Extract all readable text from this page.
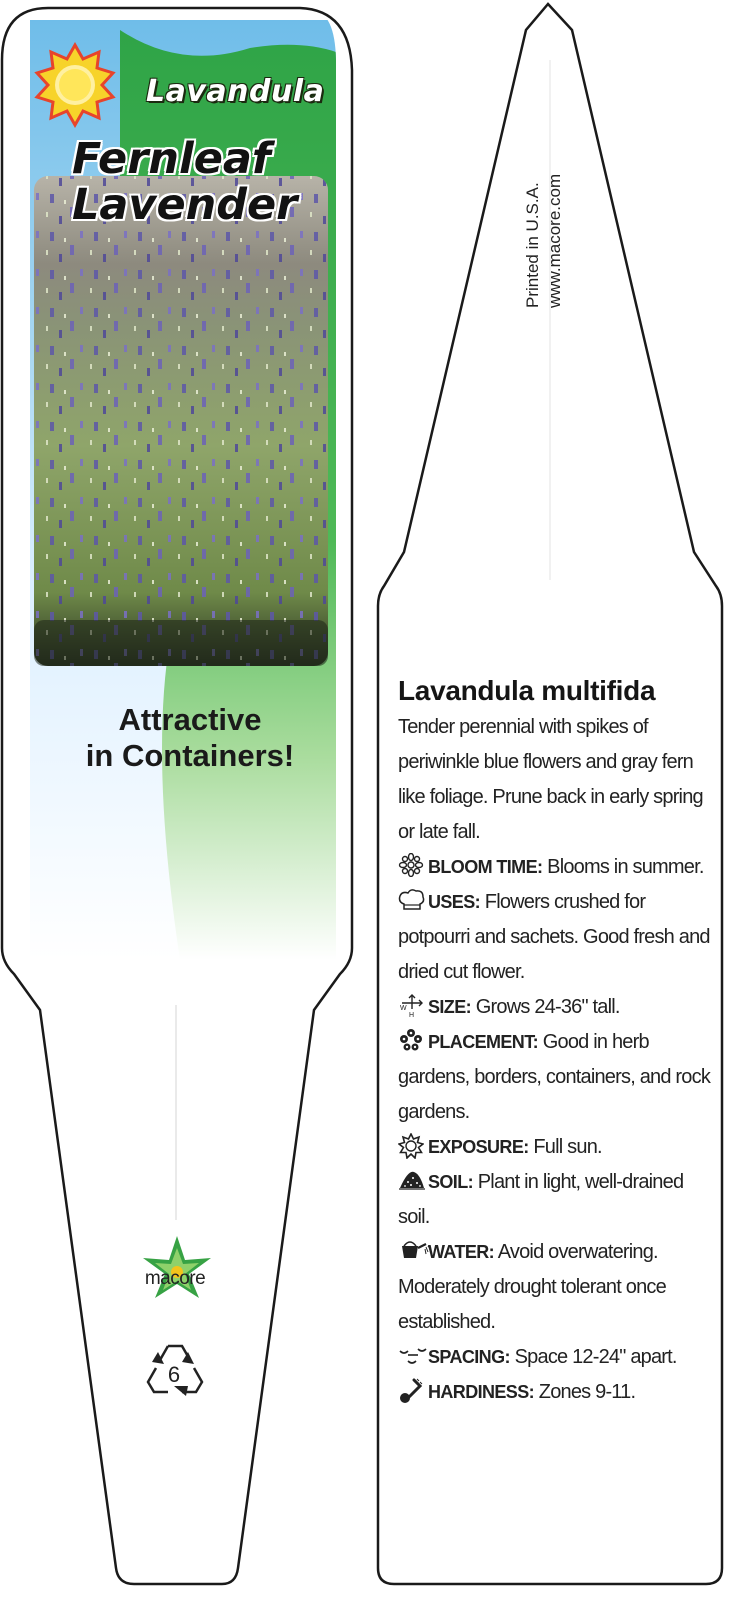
Lavandula
Fernleaf
Lavender
Attractive
in Containers!
macore
6
Printed in U.S.A. www.macore.com
Lavandula multifida

Tender perennial with spikes of periwinkle blue flowers and gray fern like foliage. Prune back in early spring or late fall.

BLOOM TIME: Blooms in summer.

USES: Flowers crushed for potpourri and sachets. Good fresh and dried cut flower.

W
H SIZE: Grows 24-36" tall.

PLACEMENT: Good in herb gardens, borders, containers, and rock gardens.

EXPOSURE: Full sun.

SOIL: Plant in light, well-drained soil.

WATER: Avoid overwatering. Moderately drought tolerant once established.

SPACING: Space 12-24" apart.

HARDINESS: Zones 9-11.
